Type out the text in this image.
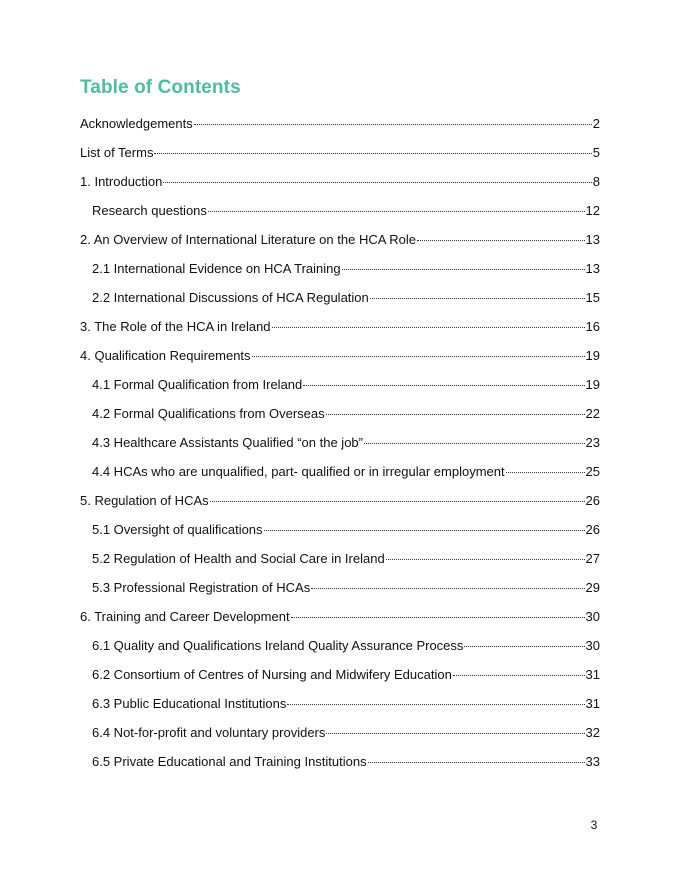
Table of Contents
Acknowledgements	2
List of Terms	5
1. Introduction	8
Research questions	12
2. An Overview of International Literature on the HCA Role	13
2.1 International Evidence on HCA Training	13
2.2 International Discussions of HCA Regulation	15
3. The Role of the HCA in Ireland	16
4. Qualification Requirements	19
4.1 Formal Qualification from Ireland	19
4.2 Formal Qualifications from Overseas	22
4.3 Healthcare Assistants Qualified “on the job”	23
4.4 HCAs who are unqualified, part- qualified or in irregular employment	25
5. Regulation of HCAs	26
5.1 Oversight of qualifications	26
5.2 Regulation of Health and Social Care in Ireland	27
5.3 Professional Registration of HCAs	29
6. Training and Career Development	30
6.1 Quality and Qualifications Ireland Quality Assurance Process	30
6.2 Consortium of Centres of Nursing and Midwifery Education	31
6.3 Public Educational Institutions	31
6.4 Not-for-profit and voluntary providers	32
6.5 Private Educational and Training Institutions	33
3
